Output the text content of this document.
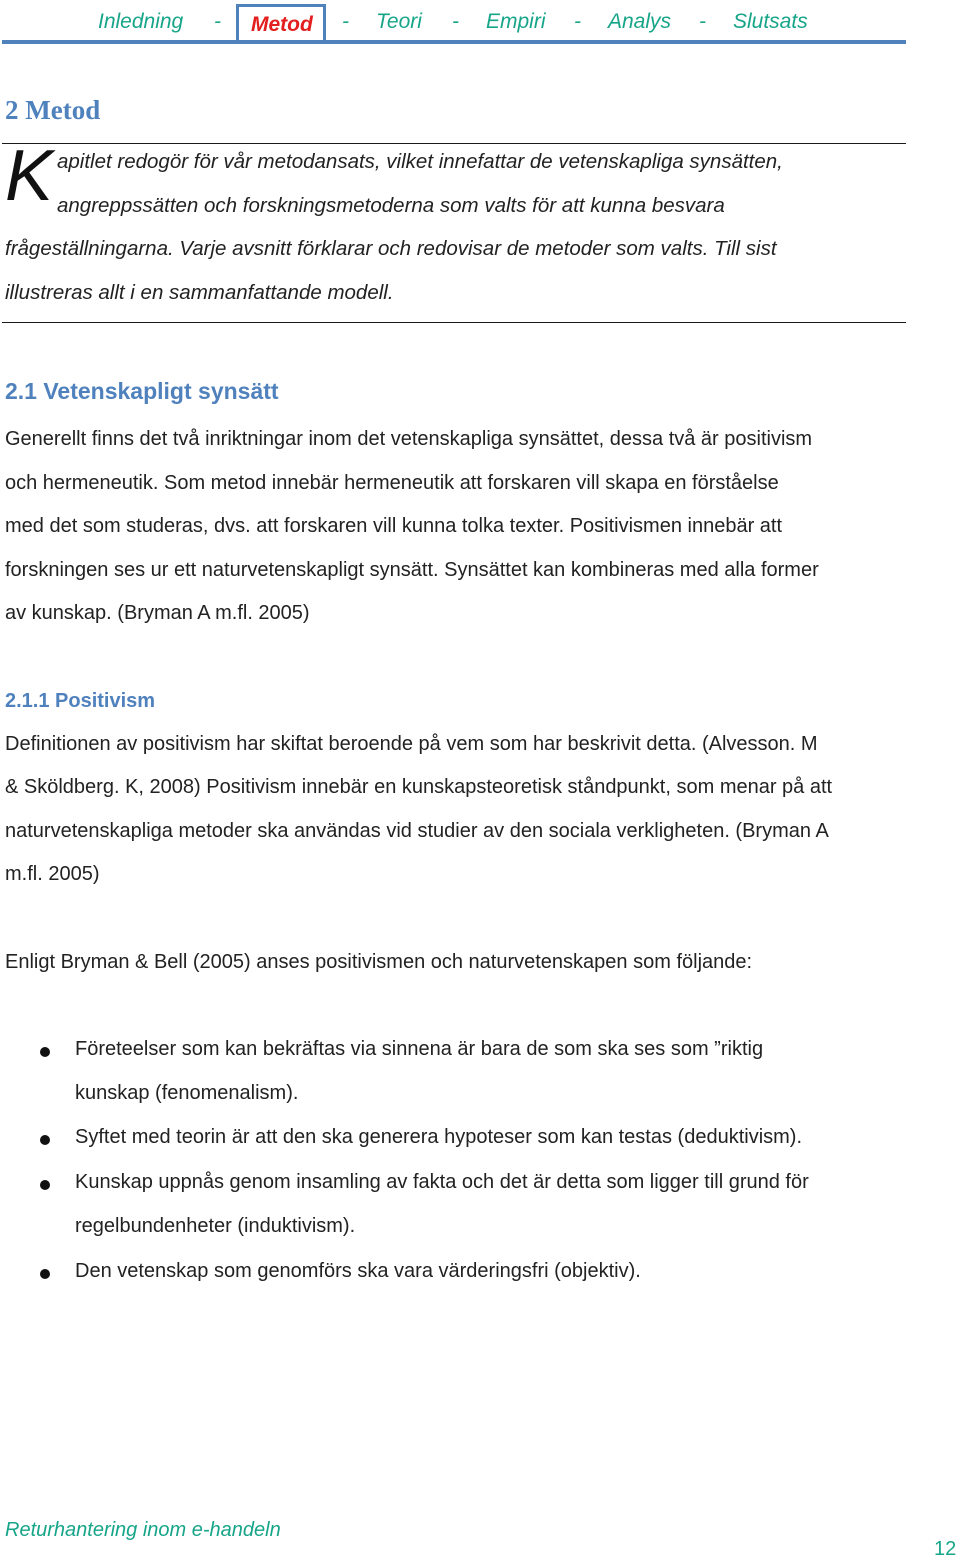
Inledning - Metod - Teori - Empiri - Analys - Slutsats
2 Metod
K apitlet redogör för vår metodansats, vilket innefattar de vetenskapliga synsätten,
angreppssätten och forskningsmetoderna som valts för att kunna besvara
frågeställningarna. Varje avsnitt förklarar och redovisar de metoder som valts. Till sist
illustreras allt i en sammanfattande modell.
2.1 Vetenskapligt synsätt
Generellt finns det två inriktningar inom det vetenskapliga synsättet, dessa två är positivism
och hermeneutik. Som metod innebär hermeneutik att forskaren vill skapa en förståelse
med det som studeras, dvs. att forskaren vill kunna tolka texter. Positivismen innebär att
forskningen ses ur ett naturvetenskapligt synsätt. Synsättet kan kombineras med alla former
av kunskap. (Bryman A m.fl. 2005)
2.1.1 Positivism
Definitionen av positivism har skiftat beroende på vem som har beskrivit detta. (Alvesson. M
& Sköldberg. K, 2008) Positivism innebär en kunskapsteoretisk ståndpunkt, som menar på att
naturvetenskapliga metoder ska användas vid studier av den sociala verkligheten. (Bryman A
m.fl. 2005)
Enligt Bryman & Bell (2005) anses positivismen och naturvetenskapen som följande:
Företeelser som kan bekräftas via sinnena är bara de som ska ses som ”riktig
kunskap (fenomenalism).
Syftet med teorin är att den ska generera hypoteser som kan testas (deduktivism).
Kunskap uppnås genom insamling av fakta och det är detta som ligger till grund för
regelbundenheter (induktivism).
Den vetenskap som genomförs ska vara värderingsfri (objektiv).
Returhantering inom e-handeln
12
